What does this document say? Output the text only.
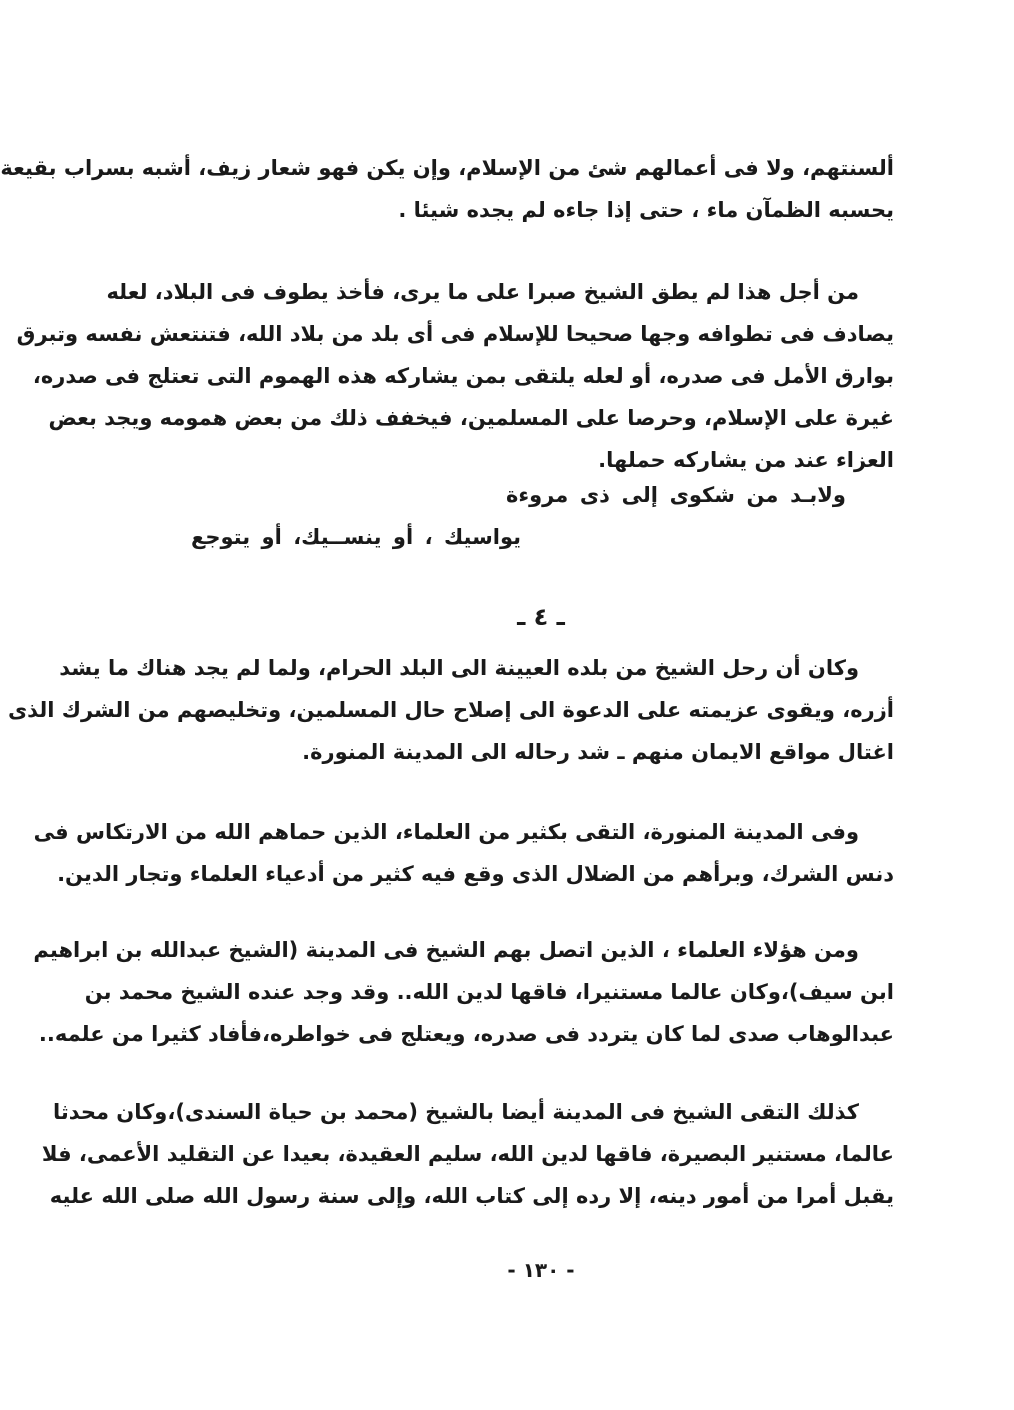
ألسنتهم، ولا فى أعمالهم شئ من الإسلام، وإن يكن فهو شعار زيف، أشبه بسراب بقيعة
يحسبه الظمآن ماء ، حتى إذا جاءه لم يجده شيئا .
من أجل هذا لم يطق الشيخ صبرا على ما يرى، فأخذ يطوف فى البلاد، لعله
يصادف فى تطوافه وجها صحيحا للإسلام فى أى بلد من بلاد الله، فتنتعش نفسه وتبرق
بوارق الأمل فى صدره، أو لعله يلتقى بمن يشاركه هذه الهموم التى تعتلج فى صدره،
غيرة على الإسلام، وحرصا على المسلمين، فيخفف ذلك من بعض همومه ويجد بعض
العزاء عند من يشاركه حملها.
ولابـد من شكوى إلى ذى مروءة
يواسيك ، أو ينســيك، أو يتوجع
ـ ٤ ـ
وكان أن رحل الشيخ من بلده العيينة الى البلد الحرام، ولما لم يجد هناك ما يشد
أزره، ويقوى عزيمته على الدعوة الى إصلاح حال المسلمين، وتخليصهم من الشرك الذى
اغتال مواقع الايمان منهم ـ شد رحاله الى المدينة المنورة.
وفى المدينة المنورة، التقى بكثير من العلماء، الذين حماهم الله من الارتكاس فى
دنس الشرك، وبرأهم من الضلال الذى وقع فيه كثير من أدعياء العلماء وتجار الدين.
ومن هؤلاء العلماء ، الذين اتصل بهم الشيخ فى المدينة (الشيخ عبدالله بن ابراهيم
ابن سيف)،وكان عالما مستنيرا، فاقها لدين الله.. وقد وجد عنده الشيخ محمد بن
عبدالوهاب صدى لما كان يتردد فى صدره، ويعتلج فى خواطره،فأفاد كثيرا من علمه..
كذلك التقى الشيخ فى المدينة أيضا بالشيخ (محمد بن حياة السندى)،وكان محدثا
عالما، مستنير البصيرة، فاقها لدين الله، سليم العقيدة، بعيدا عن التقليد الأعمى، فلا
يقبل أمرا من أمور دينه، إلا رده إلى كتاب الله، وإلى سنة رسول الله صلى الله عليه
- ١٣٠ -
